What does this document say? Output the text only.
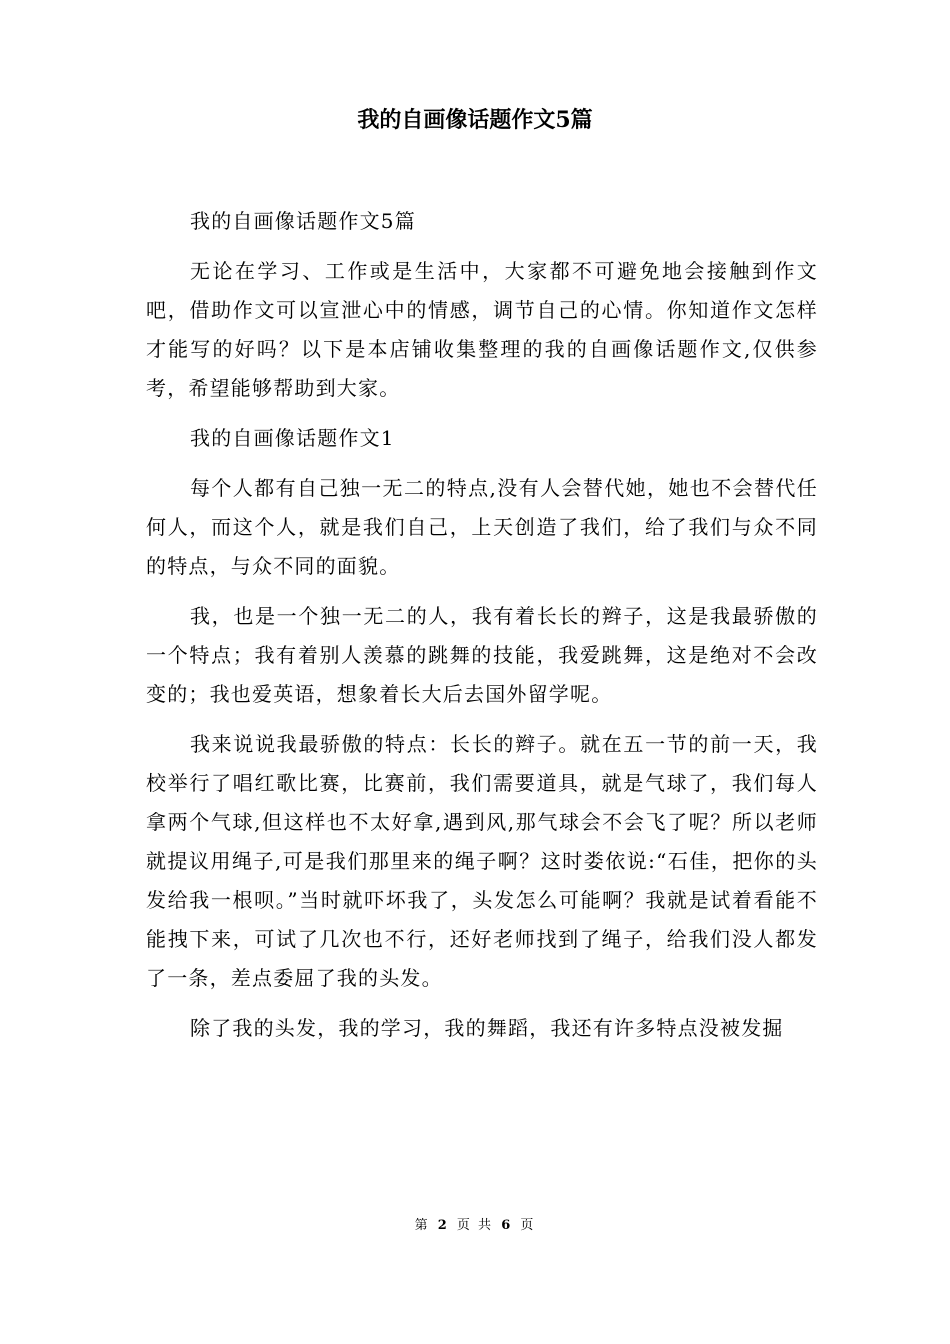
我的自画像话题作文5篇

我的自画像话题作文5篇

无论在学习、工作或是生活中，大家都不可避免地会接触到作文吧，借助作文可以宣泄心中的情感，调节自己的心情。你知道作文怎样才能写的好吗？以下是本店铺收集整理的我的自画像话题作文,仅供参考，希望能够帮助到大家。

我的自画像话题作文1

每个人都有自己独一无二的特点,没有人会替代她，她也不会替代任何人，而这个人，就是我们自己，上天创造了我们，给了我们与众不同的特点，与众不同的面貌。

我，也是一个独一无二的人，我有着长长的辫子，这是我最骄傲的一个特点；我有着别人羡慕的跳舞的技能，我爱跳舞，这是绝对不会改变的；我也爱英语，想象着长大后去国外留学呢。

我来说说我最骄傲的特点：长长的辫子。就在五一节的前一天，我校举行了唱红歌比赛，比赛前，我们需要道具，就是气球了，我们每人拿两个气球,但这样也不太好拿,遇到风,那气球会不会飞了呢？所以老师就提议用绳子,可是我们那里来的绳子啊？这时娄依说:“石佳，把你的头发给我一根呗。”当时就吓坏我了，头发怎么可能啊？我就是试着看能不能拽下来，可试了几次也不行，还好老师找到了绳子，给我们没人都发了一条，差点委屈了我的头发。

除了我的头发，我的学习，我的舞蹈，我还有许多特点没被发掘

第 2 页 共 6 页
